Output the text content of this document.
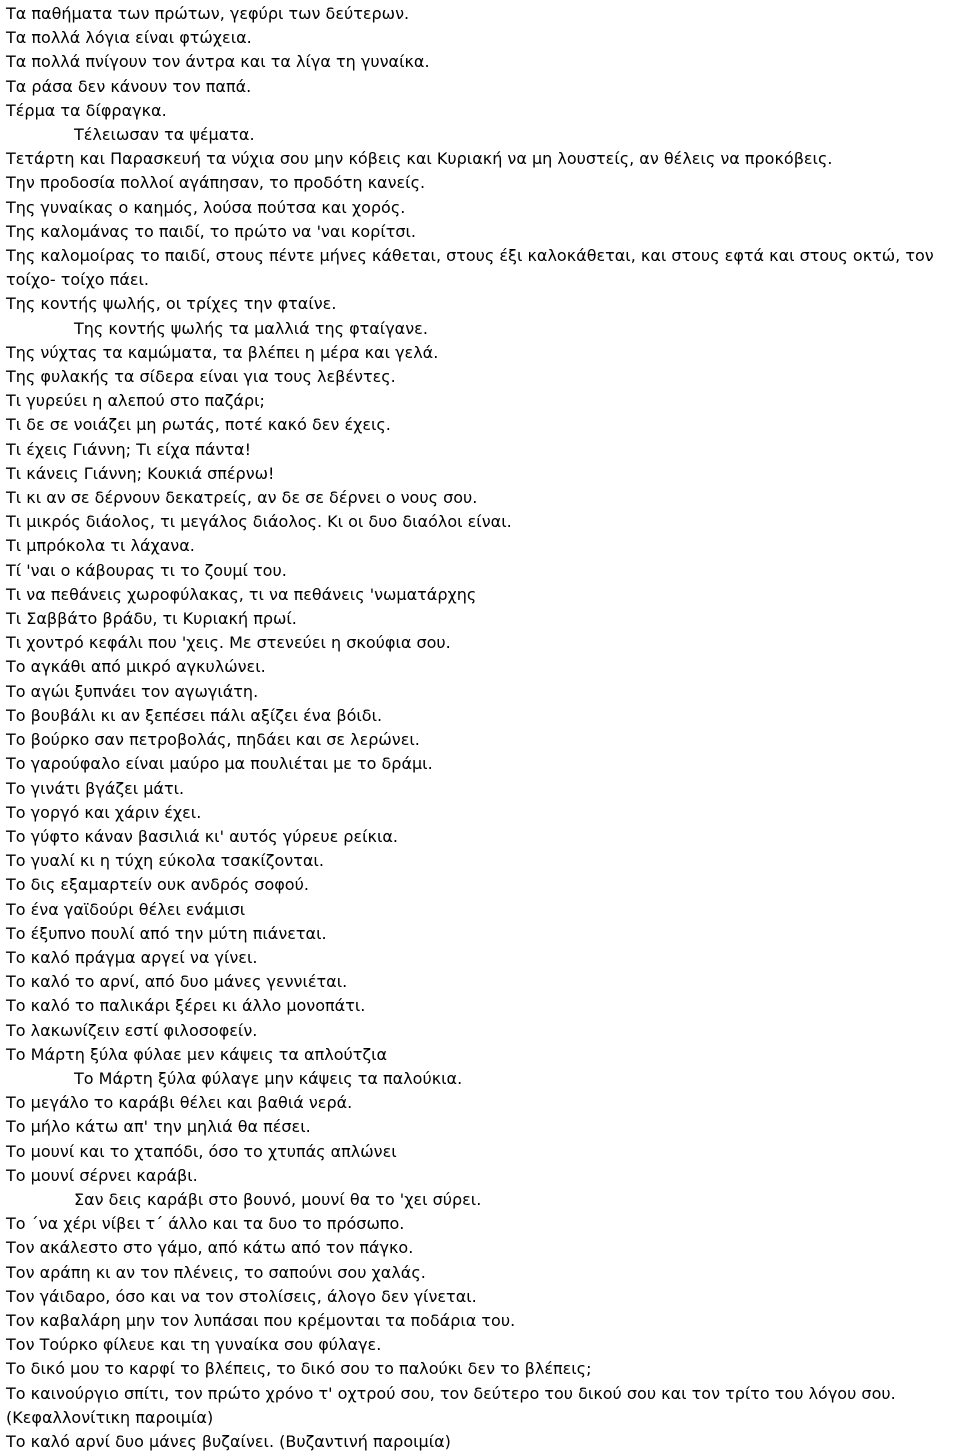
Τα παθήματα των πρώτων, γεφύρι των δεύτερων.
Τα πολλά λόγια είναι φτώχεια.
Τα πολλά πνίγουν τον άντρα και τα λίγα τη γυναίκα.
Τα ράσα δεν κάνουν τον παπά.
Τέρμα τα δίφραγκα.
Τέλειωσαν τα ψέματα.
Τετάρτη και Παρασκευή τα νύχια σου μην κόβεις και Κυριακή να μη λουστείς, αν θέλεις να προκόβεις.
Την προδοσία πολλοί αγάπησαν, το προδότη κανείς.
Της γυναίκας ο καημός, λούσα πούτσα και χορός.
Της καλομάνας το παιδί, το πρώτο να 'ναι κορίτσι.
Της καλομοίρας το παιδί, στους πέντε μήνες κάθεται, στους έξι καλοκάθεται, και στους εφτά και στους οκτώ, τον τοίχο- τοίχο πάει.
Της κοντής ψωλής, οι τρίχες την φταίνε.
Της κοντής ψωλής τα μαλλιά της φταίγανε.
Της νύχτας τα καμώματα, τα βλέπει η μέρα και γελά.
Της φυλακής τα σίδερα είναι για τους λεβέντες.
Τι γυρεύει η αλεπού στο παζάρι;
Τι δε σε νοιάζει μη ρωτάς, ποτέ κακό δεν έχεις.
Τι έχεις Γιάννη; Τι είχα πάντα!
Τι κάνεις Γιάννη; Κουκιά σπέρνω!
Τι κι αν σε δέρνουν δεκατρείς, αν δε σε δέρνει ο νους σου.
Τι μικρός διάολος, τι μεγάλος διάολος. Κι οι δυο διαόλοι είναι.
Τι μπρόκολα τι λάχανα.
Τί 'ναι ο κάβουρας τι το ζουμί του.
Τι να πεθάνεις χωροφύλακας, τι να πεθάνεις 'νωματάρχης
Τι Σαββάτο βράδυ, τι Κυριακή πρωί.
Τι χοντρό κεφάλι που 'χεις. Με στενεύει η σκούφια σου.
Το αγκάθι από μικρό αγκυλώνει.
Το αγώι ξυπνάει τον αγωγιάτη.
Το βουβάλι κι αν ξεπέσει πάλι αξίζει ένα βόιδι.
Το βούρκο σαν πετροβολάς, πηδάει και σε λερώνει.
Το γαρούφαλο είναι μαύρο μα πουλιέται με το δράμι.
Το γινάτι βγάζει μάτι.
Το γοργό και χάριν έχει.
Το γύφτο κάναν βασιλιά κι' αυτός γύρευε ρείκια.
Το γυαλί κι η τύχη εύκολα τσακίζονται.
Το δις εξαμαρτείν ουκ ανδρός σοφού.
Το ένα γαϊδούρι θέλει ενάμισι
Το έξυπνο πουλί από την μύτη πιάνεται.
Το καλό πράγμα αργεί να γίνει.
Το καλό το αρνί, από δυο μάνες γεννιέται.
Το καλό το παλικάρι ξέρει κι άλλο μονοπάτι.
Το λακωνίζειν εστί φιλοσοφείν.
Το Μάρτη ξύλα φύλαε μεν κάψεις τα απλούτζια
Το Μάρτη ξύλα φύλαγε μην κάψεις τα παλούκια.
Το μεγάλο το καράβι θέλει και βαθιά νερά.
Το μήλο κάτω απ' την μηλιά θα πέσει.
Το μουνί και το χταπόδι, όσο το χτυπάς απλώνει
Το μουνί σέρνει καράβι.
Σαν δεις καράβι στο βουνό, μουνί θα το 'χει σύρει.
Το ΄να χέρι νίβει τ΄ άλλο και τα δυο το πρόσωπο.
Τον ακάλεστο στο γάμο, από κάτω από τον πάγκο.
Τον αράπη κι αν τον πλένεις, το σαπούνι σου χαλάς.
Τον γάιδαρο, όσο και να τον στολίσεις, άλογο δεν γίνεται.
Τον καβαλάρη μην τον λυπάσαι που κρέμονται τα ποδάρια του.
Τον Τούρκο φίλευε και τη γυναίκα σου φύλαγε.
Το δικό μου το καρφί το βλέπεις, το δικό σου το παλούκι δεν το βλέπεις;
Το καινούργιο σπίτι, τον πρώτο χρόνο τ' οχτρού σου, τον δεύτερο του δικού σου και τον τρίτο του λόγου σου. (Κεφαλλονίτικη παροιμία)
Το καλό αρνί δυο μάνες βυζαίνει. (Βυζαντινή παροιμία)
